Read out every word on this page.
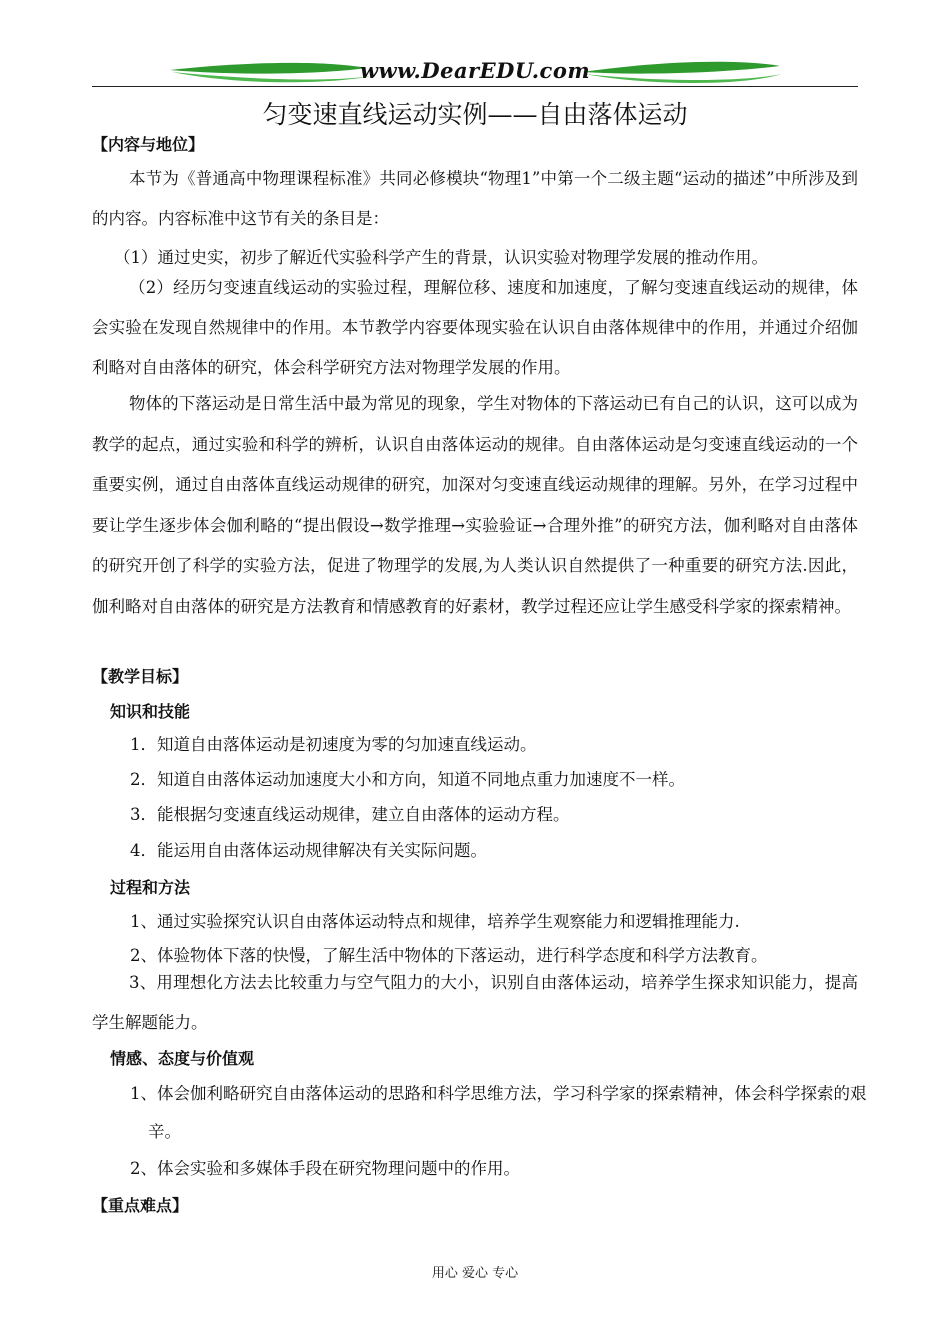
www.DearEDU.com
匀变速直线运动实例——自由落体运动
【内容与地位】

本节为《普通高中物理课程标准》共同必修模块“物理1”中第一个二级主题“运动的描述”中所涉及到的内容。内容标准中这节有关的条目是：

（1）通过史实，初步了解近代实验科学产生的背景，认识实验对物理学发展的推动作用。

（2）经历匀变速直线运动的实验过程，理解位移、速度和加速度，了解匀变速直线运动的规律，体会实验在发现自然规律中的作用。本节教学内容要体现实验在认识自由落体规律中的作用，并通过介绍伽利略对自由落体的研究，体会科学研究方法对物理学发展的作用。

物体的下落运动是日常生活中最为常见的现象，学生对物体的下落运动已有自己的认识，这可以成为教学的起点，通过实验和科学的辨析，认识自由落体运动的规律。自由落体运动是匀变速直线运动的一个重要实例，通过自由落体直线运动规律的研究，加深对匀变速直线运动规律的理解。另外，在学习过程中要让学生逐步体会伽利略的“提出假设→数学推理→实验验证→合理外推”的研究方法，伽利略对自由落体的研究开创了科学的实验方法，促进了物理学的发展,为人类认识自然提供了一种重要的研究方法.因此，伽利略对自由落体的研究是方法教育和情感教育的好素材，教学过程还应让学生感受科学家的探索精神。

【教学目标】
知识和技能

1．知道自由落体运动是初速度为零的匀加速直线运动。

2．知道自由落体运动加速度大小和方向，知道不同地点重力加速度不一样。

3．能根据匀变速直线运动规律，建立自由落体的运动方程。

4．能运用自由落体运动规律解决有关实际问题。

过程和方法

1、通过实验探究认识自由落体运动特点和规律，培养学生观察能力和逻辑推理能力.

2、体验物体下落的快慢，了解生活中物体的下落运动，进行科学态度和科学方法教育。

3、用理想化方法去比较重力与空气阻力的大小，识别自由落体运动，培养学生探求知识能力，提高学生解题能力。

情感、态度与价值观

1、体会伽利略研究自由落体运动的思路和科学思维方法，学习科学家的探索精神，体会科学探索的艰辛。

2、体会实验和多媒体手段在研究物理问题中的作用。

【重点难点】
用心 爱心 专心
